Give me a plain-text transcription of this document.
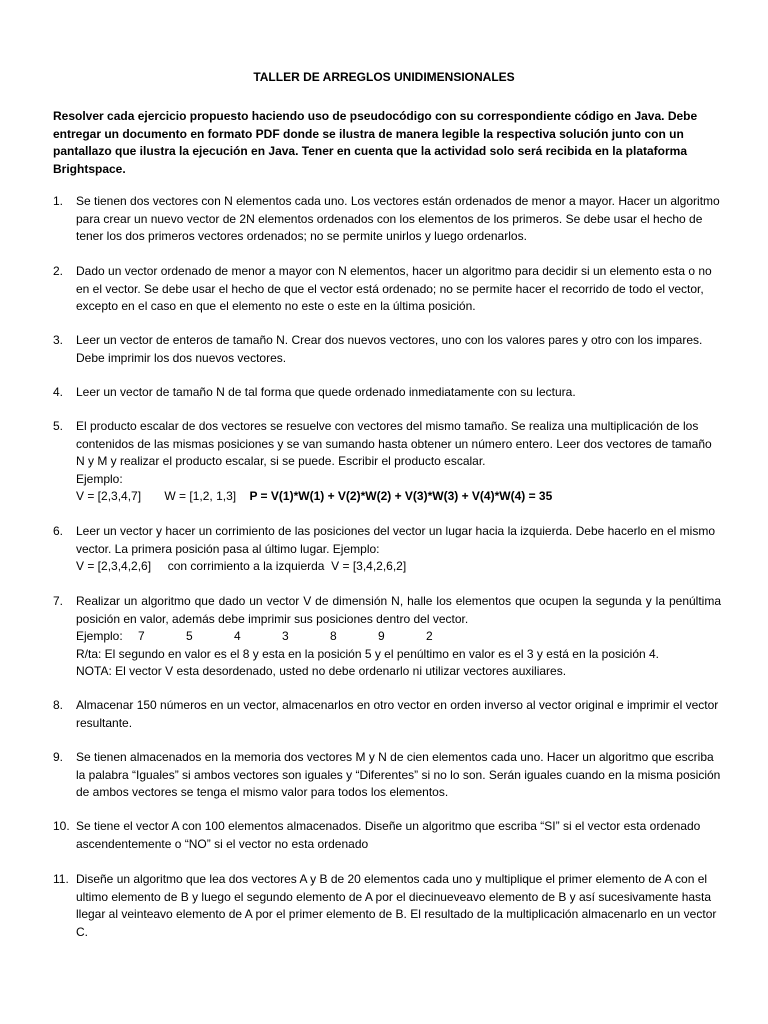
TALLER DE ARREGLOS UNIDIMENSIONALES
Resolver cada ejercicio propuesto haciendo uso de pseudocódigo con su correspondiente código en Java. Debe entregar un documento en formato PDF donde se ilustra de manera legible la respectiva solución junto con un pantallazo que ilustra la ejecución en Java. Tener en cuenta que la actividad solo será recibida en la plataforma Brightspace.
1. Se tienen dos vectores con N elementos cada uno. Los vectores están ordenados de menor a mayor. Hacer un algoritmo para crear un nuevo vector de 2N elementos ordenados con los elementos de los primeros. Se debe usar el hecho de tener los dos primeros vectores ordenados; no se permite unirlos y luego ordenarlos.
2. Dado un vector ordenado de menor a mayor con N elementos, hacer un algoritmo para decidir si un elemento esta o no en el vector. Se debe usar el hecho de que el vector está ordenado; no se permite hacer el recorrido de todo el vector, excepto en el caso en que el elemento no este o este en la última posición.
3. Leer un vector de enteros de tamaño N. Crear dos nuevos vectores, uno con los valores pares y otro con los impares. Debe imprimir los dos nuevos vectores.
4. Leer un vector de tamaño N de tal forma que quede ordenado inmediatamente con su lectura.
5. El producto escalar de dos vectores se resuelve con vectores del mismo tamaño. Se realiza una multiplicación de los contenidos de las mismas posiciones y se van sumando hasta obtener un número entero. Leer dos vectores de tamaño N y M y realizar el producto escalar, si se puede. Escribir el producto escalar.
Ejemplo:
V = [2,3,4,7] W = [1,2, 1,3] P = V(1)*W(1) + V(2)*W(2) + V(3)*W(3) + V(4)*W(4) = 35
6. Leer un vector y hacer un corrimiento de las posiciones del vector un lugar hacia la izquierda. Debe hacerlo en el mismo vector. La primera posición pasa al último lugar. Ejemplo:
V = [2,3,4,2,6]     con corrimiento a la izquierda  V = [3,4,2,6,2]
7. Realizar un algoritmo que dado un vector V de dimensión N, halle los elementos que ocupen la segunda y la penúltima posición en valor, además debe imprimir sus posiciones dentro del vector.
Ejemplo: 7	5	4	3	8	9	2
R/ta: El segundo en valor es el 8 y esta en la posición 5 y el penúltimo en valor es el 3 y está en la posición 4.
NOTA: El vector V esta desordenado, usted no debe ordenarlo ni utilizar vectores auxiliares.
8. Almacenar 150 números en un vector, almacenarlos en otro vector en orden inverso al vector original e imprimir el vector resultante.
9. Se tienen almacenados en la memoria dos vectores M y N de cien elementos cada uno. Hacer un algoritmo que escriba la palabra “Iguales” si ambos vectores son iguales y “Diferentes” si no lo son. Serán iguales cuando en la misma posición de ambos vectores se tenga el mismo valor para todos los elementos.
10. Se tiene el vector A con 100 elementos almacenados. Diseñe un algoritmo que escriba “SI” si el vector esta ordenado ascendentemente o “NO” si el vector no esta ordenado
11. Diseñe un algoritmo que lea dos vectores A y B de 20 elementos cada uno y multiplique el primer elemento de A con el ultimo elemento de B y luego el segundo elemento de A por el diecinueveavo elemento de B y así sucesivamente hasta llegar al veinteavo elemento de A por el primer elemento de B. El resultado de la multiplicación almacenarlo en un vector C.
